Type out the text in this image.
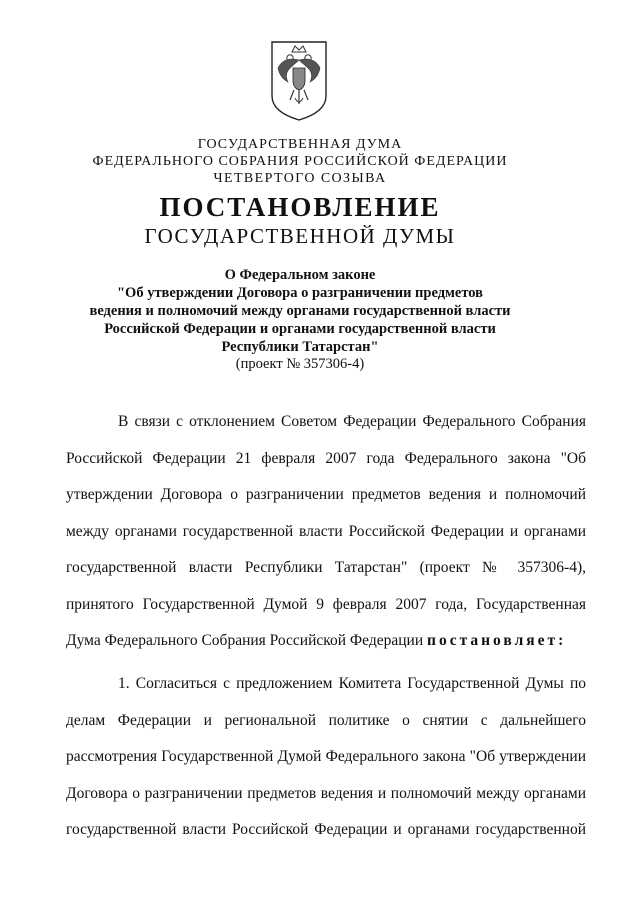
ГОСУДАРСТВЕННАЯ ДУМА
ФЕДЕРАЛЬНОГО СОБРАНИЯ РОССИЙСКОЙ ФЕДЕРАЦИИ
ЧЕТВЕРТОГО СОЗЫВА
ПОСТАНОВЛЕНИЕ
ГОСУДАРСТВЕННОЙ ДУМЫ
О Федеральном законе
"Об утверждении Договора о разграничении предметов
ведения и полномочий между органами государственной власти
Российской Федерации и органами государственной власти
Республики Татарстан"
(проект № 357306-4)
В связи с отклонением Советом Федерации Федерального Собрания
Российской Федерации 21 февраля 2007 года Федерального закона "Об
утверждении Договора о разграничении предметов ведения и полномочий
между органами государственной власти Российской Федерации и органами
государственной власти Республики Татарстан" (проект № 357306-4),
принятого Государственной Думой 9 февраля 2007 года, Государственная
Дума Федерального Собрания Российской Федерации постановляет:
1. Согласиться с предложением Комитета Государственной Думы по
делам Федерации и региональной политике о снятии с дальнейшего
рассмотрения Государственной Думой Федерального закона "Об утверждении
Договора о разграничении предметов ведения и полномочий между органами
государственной власти Российской Федерации и органами государственной
